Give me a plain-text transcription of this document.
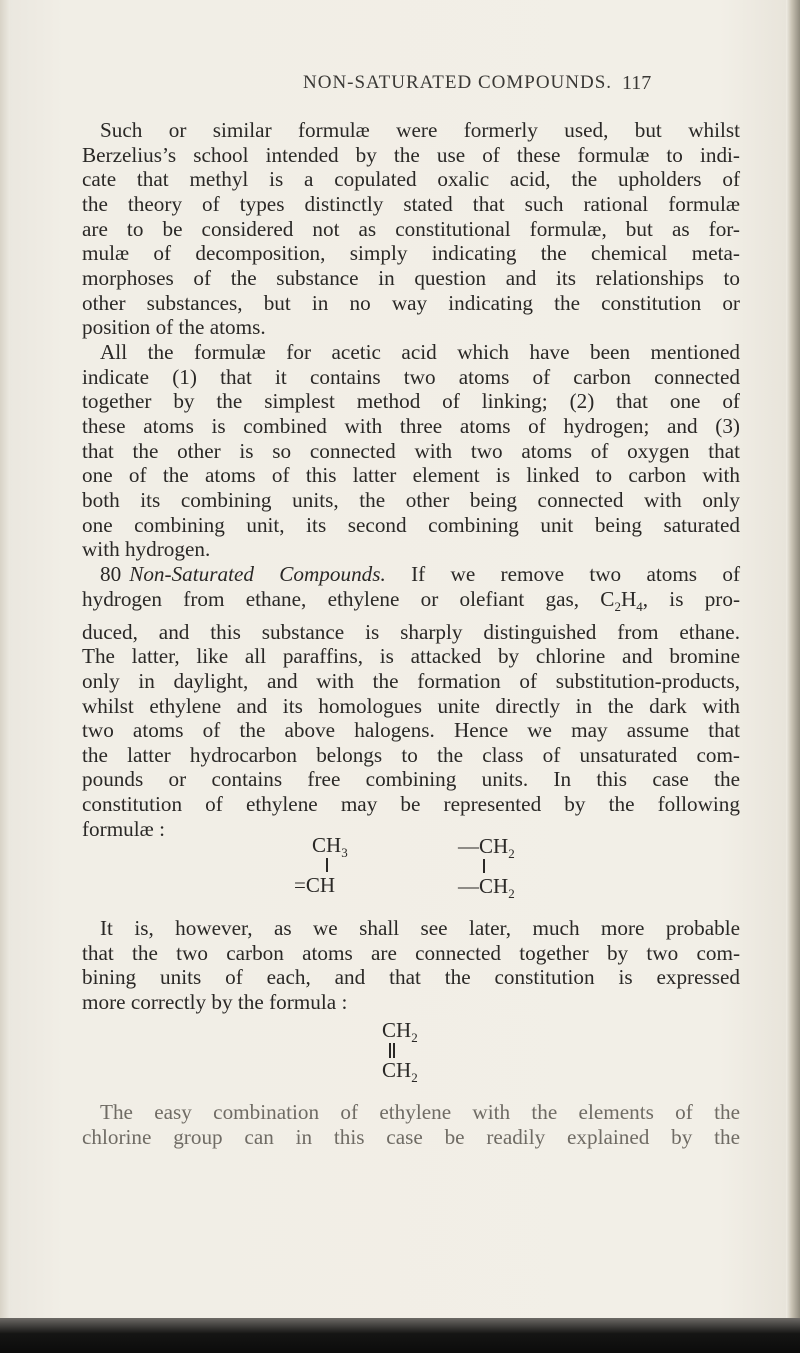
NON-SATURATED COMPOUNDS. 117
Such or similar formulæ were formerly used, but whilst
Berzelius’s school intended by the use of these formulæ to indi-
cate that methyl is a copulated oxalic acid, the upholders of
the theory of types distinctly stated that such rational formulæ
are to be considered not as constitutional formulæ, but as for-
mulæ of decomposition, simply indicating the chemical meta-
morphoses of the substance in question and its relationships to
other substances, but in no way indicating the constitution or
position of the atoms.
All the formulæ for acetic acid which have been mentioned
indicate (1) that it contains two atoms of carbon connected
together by the simplest method of linking; (2) that one of
these atoms is combined with three atoms of hydrogen; and (3)
that the other is so connected with two atoms of oxygen that
one of the atoms of this latter element is linked to carbon with
both its combining units, the other being connected with only
one combining unit, its second combining unit being saturated
with hydrogen.
80 Non-Saturated Compounds. If we remove two atoms of
hydrogen from ethane, ethylene or olefiant gas, $C_2H_4$, is pro-
duced, and this substance is sharply distinguished from ethane.
The latter, like all paraffins, is attacked by chlorine and bromine
only in daylight, and with the formation of substitution-products,
whilst ethylene and its homologues unite directly in the dark with
two atoms of the above halogens. Hence we may assume that
the latter hydrocarbon belongs to the class of unsaturated com-
pounds or contains free combining units. In this case the
constitution of ethylene may be represented by the following
formulæ :
$CH_3$
=CH
$—CH_2$
$—CH_2$
It is, however, as we shall see later, much more probable
that the two carbon atoms are connected together by two com-
bining units of each, and that the constitution is expressed
more correctly by the formula :
$CH_2$
$CH_2$
The easy combination of ethylene with the elements of the
chlorine group can in this case be readily explained by the
